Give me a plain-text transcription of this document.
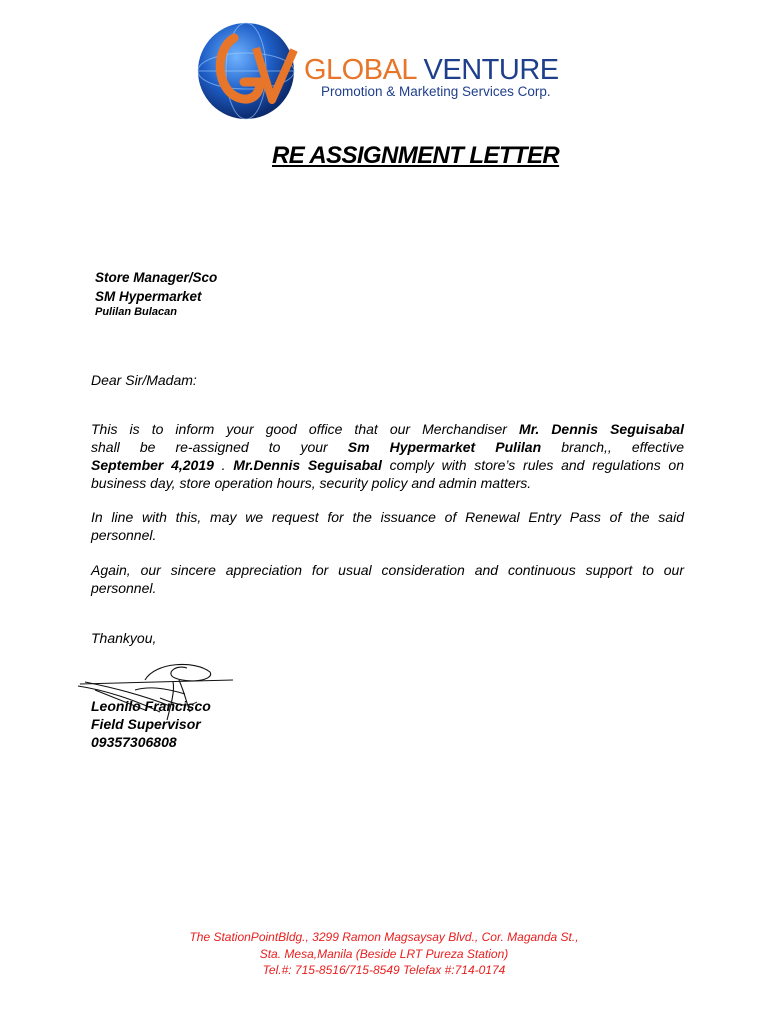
GLOBAL VENTURE
Promotion & Marketing Services Corp.
RE ASSIGNMENT LETTER
Store Manager/Sco
SM Hypermarket
Pulilan Bulacan

Dear Sir/Madam:

This is to inform your good office that our Merchandiser Mr. Dennis Seguisabal
shall be re-assigned to your Sm Hypermarket Pulilan branch,, effective
September 4,2019 . Mr.Dennis Seguisabal comply with store’s rules and regulations on
business day, store operation hours, security policy and admin matters.
In line with this, may we request for the issuance of Renewal Entry Pass of the said
personnel.
Again, our sincere appreciation for usual consideration and continuous support to our
personnel.

Thankyou,

Leonilo Francisco
Field Supervisor
09357306808
The StationPointBldg., 3299 Ramon Magsaysay Blvd., Cor. Maganda St.,
Sta. Mesa,Manila (Beside LRT Pureza Station)
Tel.#: 715-8516/715-8549 Telefax #:714-0174
